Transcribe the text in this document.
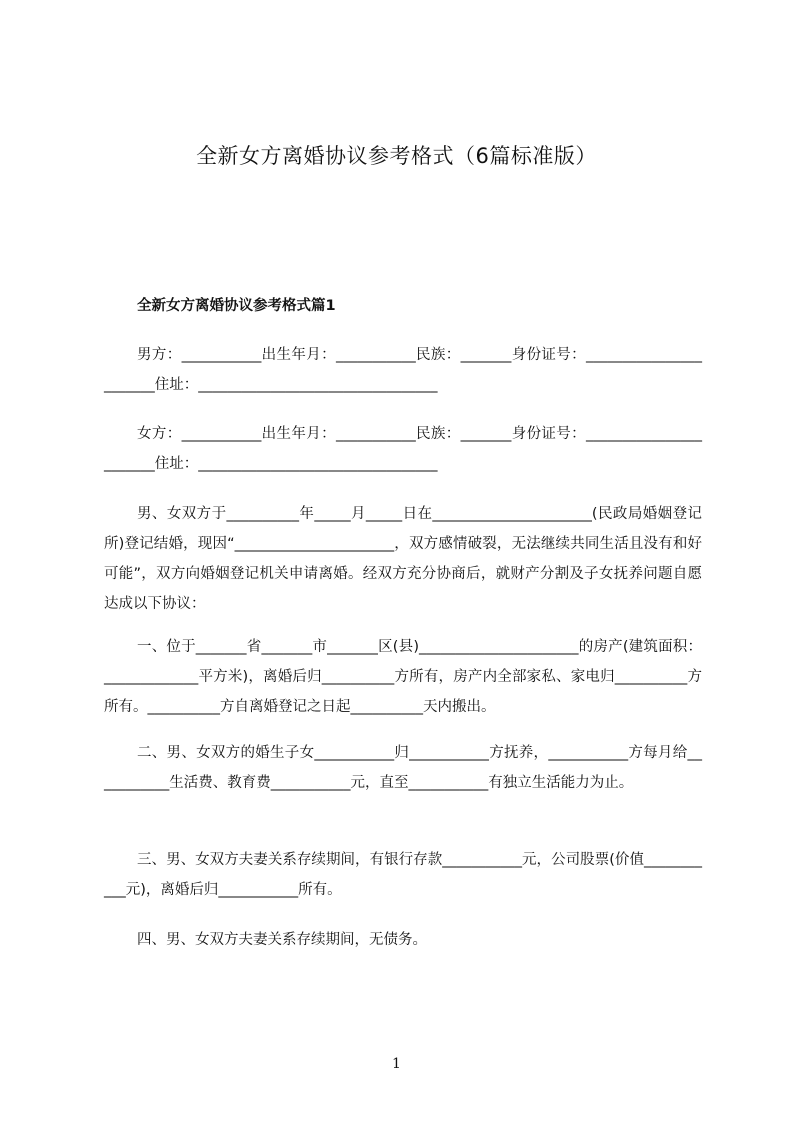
全新女方离婚协议参考格式（6篇标准版）
全新女方离婚协议参考格式篇1
男方：___________出生年月：___________民族：_______身份证号：_______________________住址：_________________________________
女方：___________出生年月：___________民族：_______身份证号：_______________________住址：_________________________________
男、女双方于__________年_____月_____日在______________________(民政局婚姻登记所)登记结婚，现因“______________________，双方感情破裂，无法继续共同生活且没有和好可能”，双方向婚姻登记机关申请离婚。经双方充分协商后，就财产分割及子女抚养问题自愿达成以下协议：
一、位于_______省_______市_______区(县)______________________的房产(建筑面积：_____________平方米)，离婚后归__________方所有，房产内全部家私、家电归__________方所有。__________方自离婚登记之日起__________天内搬出。
二、男、女双方的婚生子女___________归___________方抚养，___________方每月给___________生活费、教育费___________元，直至___________有独立生活能力为止。
三、男、女双方夫妻关系存续期间，有银行存款___________元，公司股票(价值___________元)，离婚后归___________所有。
四、男、女双方夫妻关系存续期间，无债务。
1
